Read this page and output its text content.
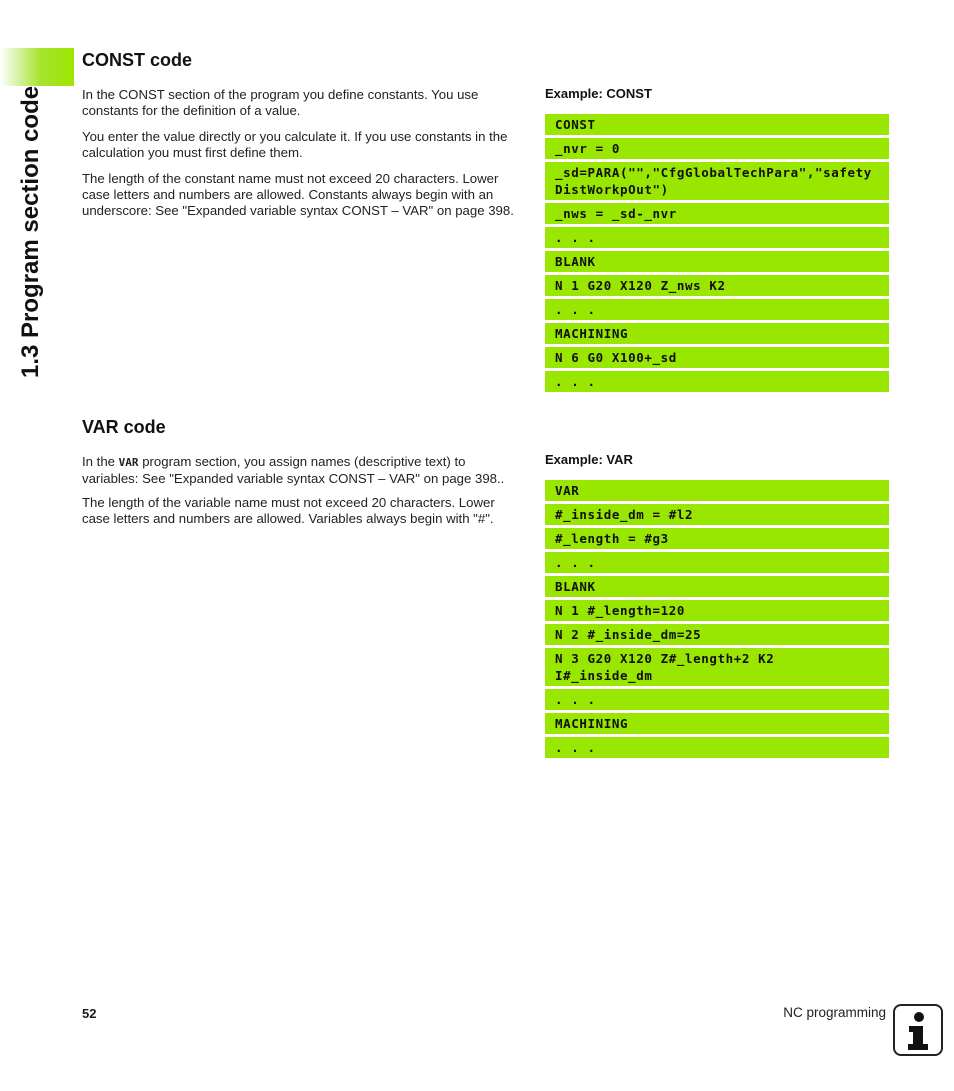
1.3 Program section code
CONST code

In the CONST section of the program you define constants. You use constants for the definition of a value.

You enter the value directly or you calculate it. If you use constants in the calculation you must first define them.

The length of the constant name must not exceed 20 characters. Lower case letters and numbers are allowed. Constants always begin with an underscore: See "Expanded variable syntax CONST – VAR" on page 398.

Example: CONST

CONST
_nvr = 0
_sd=PARA("","CfgGlobalTechPara","safetyDistWorkpOut")
_nws = _sd-_nvr
. . .
BLANK
N 1 G20 X120 Z_nws K2
. . .
MACHINING
N 6 G0 X100+_sd
. . .
VAR code

In the VAR program section, you assign names (descriptive text) to variables: See "Expanded variable syntax CONST – VAR" on page 398..

The length of the variable name must not exceed 20 characters. Lower case letters and numbers are allowed. Variables always begin with "#".

Example: VAR

VAR
#_inside_dm = #l2
#_length = #g3
. . .
BLANK
N 1 #_length=120
N 2 #_inside_dm=25
N 3 G20 X120 Z#_length+2 K2 I#_inside_dm
. . .
MACHINING
. . .
52	NC programming
